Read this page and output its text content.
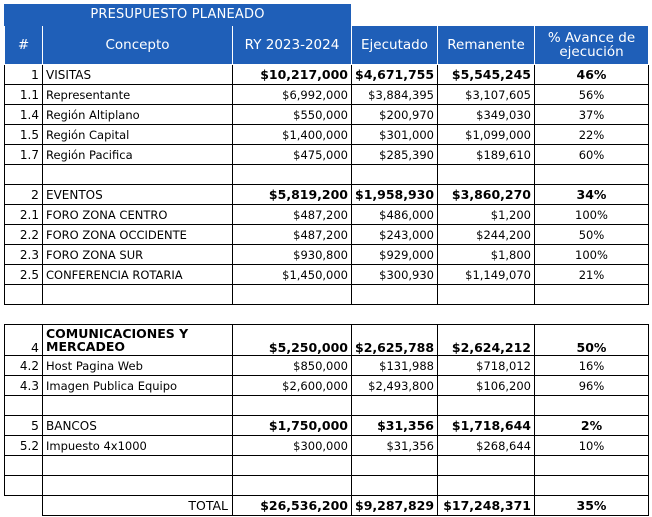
PRESUPUESTO PLANEADO
#	Concepto	RY 2023-2024	Ejecutado	Remanente	% Avance de ejecución
1	VISITAS	$10,217,000	$4,671,755	$5,545,245	46%
1.1	Representante	$6,992,000	$3,884,395	$3,107,605	56%
1.4	Región Altiplano	$550,000	$200,970	$349,030	37%
1.5	Región Capital	$1,400,000	$301,000	$1,099,000	22%
1.7	Región Pacifica	$475,000	$285,390	$189,610	60%

2	EVENTOS	$5,819,200	$1,958,930	$3,860,270	34%
2.1	FORO ZONA CENTRO	$487,200	$486,000	$1,200	100%
2.2	FORO ZONA OCCIDENTE	$487,200	$243,000	$244,200	50%
2.3	FORO ZONA SUR	$930,800	$929,000	$1,800	100%
2.5	CONFERENCIA ROTARIA	$1,450,000	$300,930	$1,149,070	21%

4	COMUNICACIONES Y MERCADEO	$5,250,000	$2,625,788	$2,624,212	50%
4.2	Host Pagina Web	$850,000	$131,988	$718,012	16%
4.3	Imagen Publica Equipo	$2,600,000	$2,493,800	$106,200	96%

5	BANCOS	$1,750,000	$31,356	$1,718,644	2%
5.2	Impuesto 4x1000	$300,000	$31,356	$268,644	10%

	TOTAL	$26,536,200	$9,287,829	$17,248,371	35%
